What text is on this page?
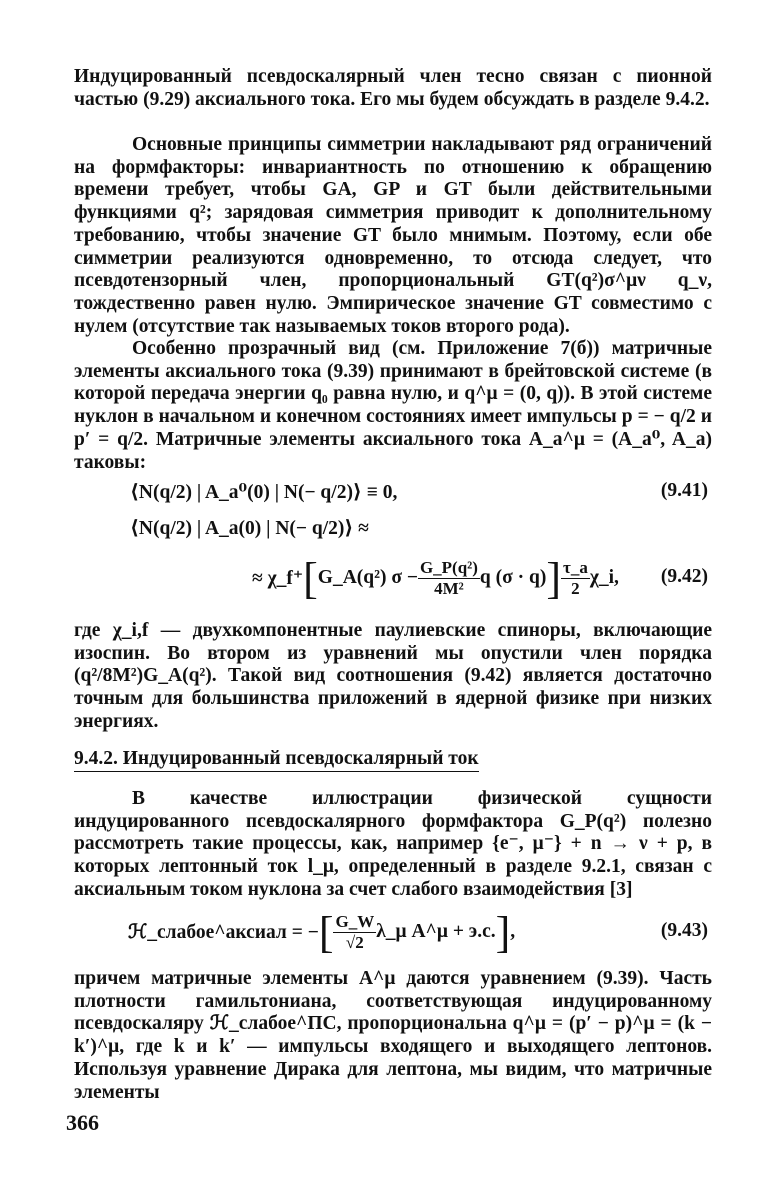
Индуцированный псевдоскалярный член тесно связан с пионной частью (9.29) аксиального тока. Его мы будем обсуждать в разделе 9.4.2.

Основные принципы симметрии накладывают ряд ограничений на формфакторы: инвариантность по отношению к обращению времени требует, чтобы GA, GP и GT были действительными функциями q²; зарядовая симметрия приводит к дополнительному требованию, чтобы значение GT было мнимым. Поэтому, если обе симметрии реализуются одновременно, то отсюда следует, что псевдотензорный член, пропорциональный GT(q²)σ^μν q_ν, тождественно равен нулю. Эмпирическое значение GT совместимо с нулем (отсутствие так называемых токов второго рода).

Особенно прозрачный вид (см. Приложение 7(б)) матричные элементы аксиального тока (9.39) принимают в брейтовской системе (в которой передача энергии q₀ равна нулю, и q^μ = (0, q)). В этой системе нуклон в начальном и конечном состояниях имеет импульсы p = − q/2 и p′ = q/2. Матричные элементы аксиального тока A_a^μ = (A_a⁰, A_a) таковы:

⟨N(q/2) | A_a⁰(0) | N(− q/2)⟩ ≡ 0,	(9.41)
⟨N(q/2) | A_a(0) | N(− q/2)⟩ ≈
≈ χ_f⁺ [ G_A(q²) $\sigma - \frac{\text{G\_P(q²)}}{\text{4M²}}$ q (σ · q) ] $\frac{\tau\_a}{2}$ χ_i, (9.42)

где χ_i,f — двухкомпонентные паулиевские спиноры, включающие изоспин. Во втором из уравнений мы опустили член порядка (q²/8M²)G_A(q²). Такой вид соотношения (9.42) является достаточно точным для большинства приложений в ядерной физике при низких энергиях.

9.4.2. Индуцированный псевдоскалярный ток

В качестве иллюстрации физической сущности индуцированного псевдоскалярного формфактора G_P(q²) полезно рассмотреть такие процессы, как, например {e⁻, μ⁻} + n → ν + p, в которых лептонный ток l_μ, определенный в разделе 9.2.1, связан с аксиальным током нуклона за счет слабого взаимодействия [3]

ℋ_слабое^аксиал = − [ $\frac{G\_W}{√2}$ λ_μ A^μ + э.с. ] ,	(9.43)

причем матричные элементы A^μ даются уравнением (9.39). Часть плотности гамильтониана, соответствующая индуцированному псевдоскаляру ℋ_слабое^ПС, пропорциональна q^μ = (p′ − p)^μ = (k − k′)^μ, где k и k′ — импульсы входящего и выходящего лептонов. Используя уравнение Дирака для лептона, мы видим, что матричные элементы

366
